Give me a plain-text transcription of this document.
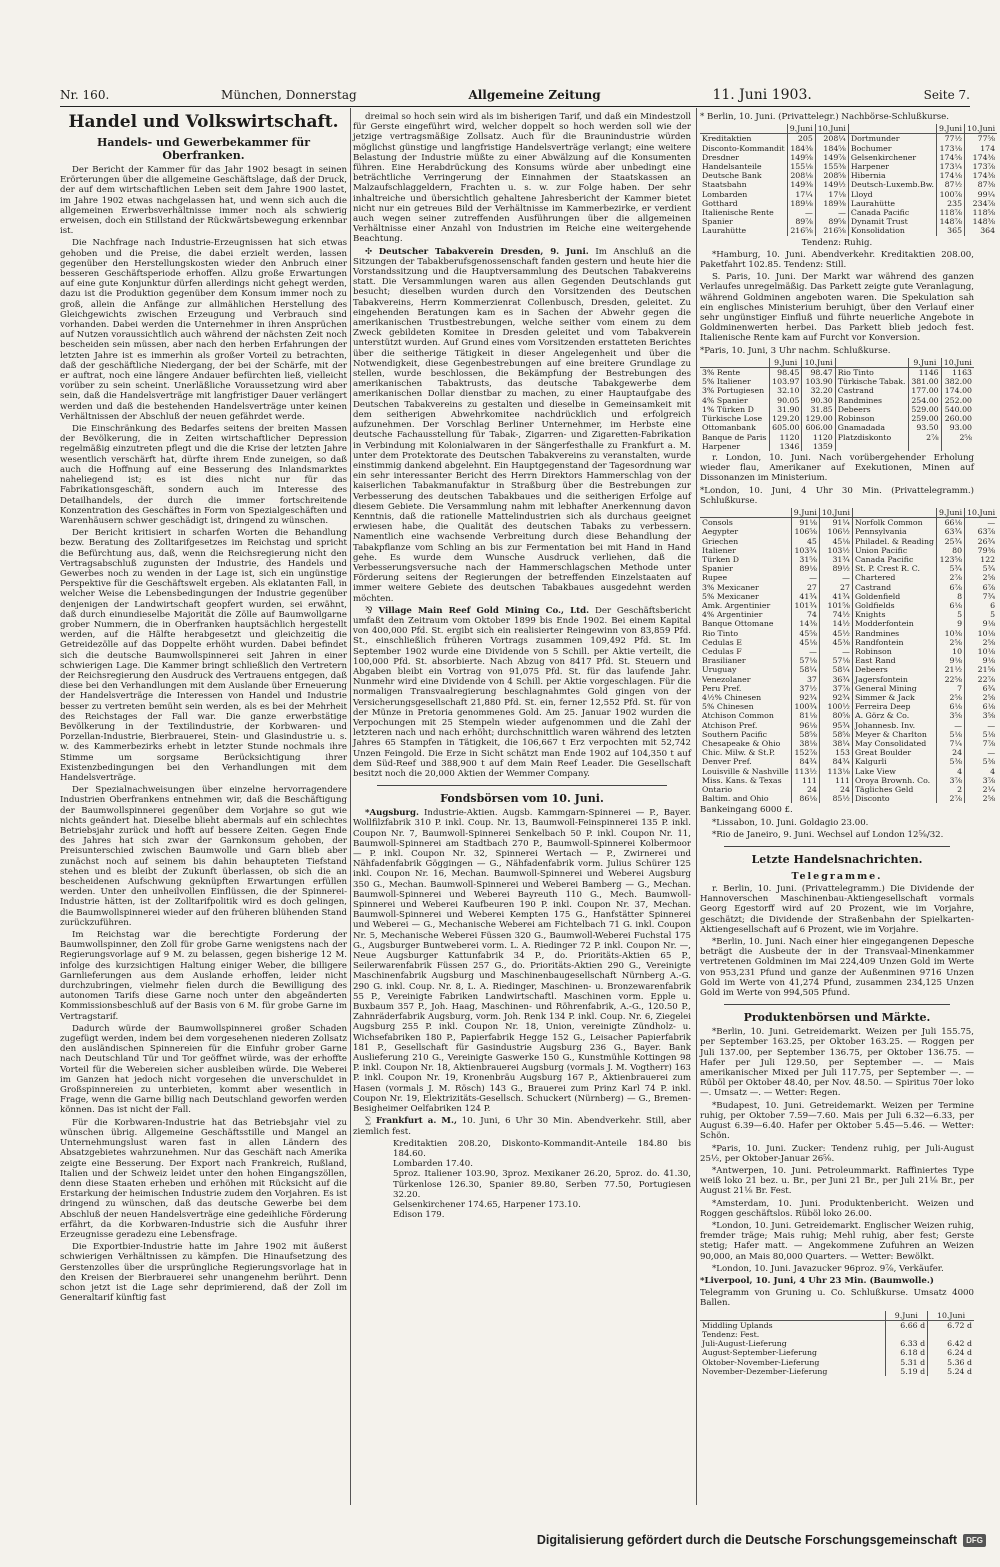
Nr. 160.	München, Donnerstag	Allgemeine Zeitung	11. Juni 1903.	Seite 7.
Handel und Volkswirtschaft.
Handels- und Gewerbekammer für Oberfranken.

Der Bericht der Kammer für das Jahr 1902 besagt in seinen Erörterungen über die allgemeine Geschäftslage, daß der Druck, der auf dem wirtschaftlichen Leben seit dem Jahre 1900 lastet, im Jahre 1902 etwas nachgelassen hat, und wenn sich auch die allgemeinen Erwerbsverhältnisse immer noch als schwierig erweisen, doch ein Stillstand der Rückwärtsbewegung erkennbar ist.

Die Nachfrage nach Industrie-Erzeugnissen hat sich etwas gehoben und die Preise, die dabei erzielt werden, lassen gegenüber den Herstellungskosten wieder den Anbruch einer besseren Geschäftsperiode erhoffen. Allzu große Erwartungen auf eine gute Konjunktur dürfen allerdings nicht gehegt werden, dazu ist die Produktion gegenüber dem Konsum immer noch zu groß, allein die Anfänge zur allmählichen Herstellung des Gleichgewichts zwischen Erzeugung und Verbrauch sind vorhanden. Dabei werden die Unternehmer in ihren Ansprüchen auf Nutzen voraussichtlich auch während der nächsten Zeit noch bescheiden sein müssen, aber nach den herben Erfahrungen der letzten Jahre ist es immerhin als großer Vorteil zu betrachten, daß der geschäftliche Niedergang, der bei der Schärfe, mit der er auftrat, noch eine längere Andauer befürchten ließ, vielleicht vorüber zu sein scheint. Unerläßliche Voraussetzung wird aber sein, daß die Handelsverträge mit langfristiger Dauer verlängert werden und daß die bestehenden Handelsverträge unter keinen Verhältnissen der Abschluß der neuen gefährdet werde.

Die Einschränkung des Bedarfes seitens der breiten Massen der Bevölkerung, die in Zeiten wirtschaftlicher Depression regelmäßig einzutreten pflegt und die die Krise der letzten Jahre wesentlich verschärft hat, dürfte ihrem Ende zuneigen, so daß auch die Hoffnung auf eine Besserung des Inlandsmarktes naheliegend ist; es ist dies nicht nur für das Fabrikationsgeschäft, sondern auch im Interesse des Detailhandels, der durch die immer fortschreitende Konzentration des Geschäftes in Form von Spezialgeschäften und Warenhäusern schwer geschädigt ist, dringend zu wünschen.

Der Bericht kritisiert in scharfen Worten die Behandlung bezw. Beratung des Zolltarifgesetzes im Reichstag und spricht die Befürchtung aus, daß, wenn die Reichsregierung nicht den Vertragsabschluß zugunsten der Industrie, des Handels und Gewerbes noch zu wenden in der Lage ist, sich ein ungünstige Perspektive für die Geschäftswelt ergeben. Als eklatanten Fall, in welcher Weise die Lebensbedingungen der Industrie gegenüber denjenigen der Landwirtschaft geopfert wurden, sei erwähnt, daß durch einundieselbe Majorität die Zölle auf Baumwollgarne grober Nummern, die in Oberfranken hauptsächlich hergestellt werden, auf die Hälfte herabgesetzt und gleichzeitig die Getreidezölle auf das Doppelte erhöht wurden. Dabei befindet sich die deutsche Baumwollspinnerei seit Jahren in einer schwierigen Lage. Die Kammer bringt schließlich den Vertretern der Reichsregierung den Ausdruck des Vertrauens entgegen, daß diese bei den Verhandlungen mit dem Auslande über Erneuerung der Handelsverträge die Interessen von Handel und Industrie besser zu vertreten bemüht sein werden, als es bei der Mehrheit des Reichstages der Fall war. Die ganze erwerbstätige Bevölkerung in der Textilindustrie, der Korbwaren- und Porzellan-Industrie, Bierbrauerei, Stein- und Glasindustrie u. s. w. des Kammerbezirks erhebt in letzter Stunde nochmals ihre Stimme um sorgsame Berücksichtigung ihrer Existenzbedingungen bei den Verhandlungen mit dem Handelsverträge.

Der Spezialnachweisungen über einzelne hervorragendere Industrien Oberfrankens entnehmen wir, daß die Beschäftigung der Baumwollspinnerei gegenüber dem Vorjahre so gut wie nichts geändert hat. Dieselbe blieht abermals auf ein schlechtes Betriebsjahr zurück und hofft auf bessere Zeiten. Gegen Ende des Jahres hat sich zwar der Garnkonsum gehoben, der Preisunterschied zwischen Baumwolle und Garn blieb aber zunächst noch auf seinem bis dahin behaupteten Tiefstand stehen und es bleibt der Zukunft überlassen, ob sich die an bescheidenen Aufschwung geknüpften Erwartungen erfüllen werden. Unter den unheilvollen Einflüssen, die der Spinnerei-Industrie hätten, ist der Zolltarifpolitik wird es doch gelingen, die Baumwollspinnerei wieder auf den früheren blühenden Stand zurückzuführen.

Im Reichstag war die berechtigte Forderung der Baumwollspinner, den Zoll für grobe Garne wenigstens nach der Regierungsvorlage auf 9 M. zu belassen, gegen bisherige 12 M. infolge des kurzsichtigen Haltung einiger Weber, die billigere Garnlieferungen aus dem Auslande erhoffen, leider nicht durchzubringen, vielmehr fielen durch die Bewilligung des autonomen Tarifs diese Garne noch unter den abgeänderten Kommissionsbeschluß auf der Basis von 6 M. für grobe Garne im Vertragstarif.

Dadurch würde der Baumwollspinnerei großer Schaden zugefügt werden, indem bei dem vorgesehenen niederen Zollsatz den ausländischen Spinnereien für die Einfuhr grober Garne nach Deutschland Tür und Tor geöffnet würde, was der erhoffte Vorteil für die Webereien sicher ausbleiben würde. Die Weberei im Ganzen hat jedoch nicht vorgesehen die unverschuldet in Großspinnereien zu unterbieten, kommt aber wesentlich in Frage, wenn die Garne billig nach Deutschland geworfen werden können. Das ist nicht der Fall.

Für die Korbwaren-Industrie hat das Betriebsjahr viel zu wünschen übrig. Allgemeine Geschäftsstille und Mangel an Unternehmungslust waren fast in allen Ländern des Absatzgebietes wahrzunehmen. Nur das Geschäft nach Amerika zeigte eine Besserung. Der Export nach Frankreich, Rußland, Italien und der Schweiz leidet unter den hohen Eingangszöllen, denn diese Staaten erheben und erhöhen mit Rücksicht auf die Erstarkung der heimischen Industrie zudem den Vorjahren. Es ist dringend zu wünschen, daß das deutsche Gewerbe bei dem Abschluß der neuen Handelsverträge eine gedeihliche Förderung erfährt, da die Korbwaren-Industrie sich die Ausfuhr ihrer Erzeugnisse geradezu eine Lebensfrage.

Die Exportbier-Industrie hatte im Jahre 1902 mit äußerst schwierigen Verhältnissen zu kämpfen. Die Hinaufsetzung des Gerstenzolles über die ursprüngliche Regierungsvorlage hat in den Kreisen der Bierbrauerei sehr unangenehm berührt. Denn schon jetzt ist die Lage sehr deprimierend, daß der Zoll im Generaltarif künftig fast

dreimal so hoch sein wird als im bisherigen Tarif, und daß ein Mindestzoll für Gerste eingeführt wird, welcher doppelt so hoch werden soll wie der jetzige vertragsmäßige Zollsatz. Auch für die Braunindustrie würden möglichst günstige und langfristige Handelsverträge verlangt; eine weitere Belastung der Industrie müßte zu einer Abwälzung auf die Konsumenten führen. Eine Herabdrückung des Konsums würde aber unbedingt eine beträchtliche Verringerung der Einnahmen der Staatskassen an Malzaufschlaggeldern, Frachten u. s. w. zur Folge haben. Der sehr inhaltreiche und übersichtlich gehaltene Jahresbericht der Kammer bietet nicht nur ein getreues Bild der Verhältnisse im Kammerbezirke, er verdient auch wegen seiner zutreffenden Ausführungen über die allgemeinen Verhältnisse einer Anzahl von Industrien im Reiche eine weitergehende Beachtung.

✣ Deutscher Tabakverein Dresden, 9. Juni. Im Anschluß an die Sitzungen der Tabakberufsgenossenschaft fanden gestern und heute hier die Vorstandssitzung und die Hauptversammlung des Deutschen Tabakvereins statt. Die Versammlungen waren aus allen Gegenden Deutschlands gut besucht; dieselben wurden durch den Vorsitzenden des Deutschen Tabakvereins, Herrn Kommerzienrat Collenbusch, Dresden, geleitet. Zu eingehenden Beratungen kam es in Sachen der Abwehr gegen die amerikanischen Trustbestrebungen, welche seither vom einem zu dem Zweck gebildeten Komitee in Dresden geleitet und vom Tabakverein unterstützt wurden. Auf Grund eines vom Vorsitzenden erstatteten Berichtes über die seitherige Tätigkeit in dieser Angelegenheit und über die Notwendigkeit, diese Gegenbestrebungen auf eine breitere Grundlage zu stellen, wurde beschlossen, die Bekämpfung der Bestrebungen des amerikanischen Tabaktrusts, das deutsche Tabakgewerbe dem amerikanischen Dollar dienstbar zu machen, zu einer Hauptaufgabe des Deutschen Tabakvereins zu gestalten und dieselbe in Gemeinsamkeit mit dem seitherigen Abwehrkomitee nachdrücklich und erfolgreich aufzunehmen. Der Vorschlag Berliner Unternehmer, im Herbste eine deutsche Fachausstellung für Tabak-, Zigarren- und Zigaretten-Fabrikation in Verbindung mit Kolonialwaren in der Sängerfesthalle zu Frankfurt a. M. unter dem Protektorate des Deutschen Tabakvereins zu veranstalten, wurde einstimmig dankend abgelehnt. Ein Hauptgegenstand der Tagesordnung war ein sehr interessanter Bericht des Herrn Direktors Hammerschlag von der kaiserlichen Tabakmanufaktur in Straßburg über die Bestrebungen zur Verbesserung des deutschen Tabakbaues und die seitherigen Erfolge auf diesem Gebiete. Die Versammlung nahm mit lebhafter Anerkennung davon Kenntnis, daß die rationelle Mattelindustrien sich als durchaus geeignet erwiesen habe, die Qualität des deutschen Tabaks zu verbessern. Namentlich eine wachsende Verbreitung durch diese Behandlung der Tabakpflanze vom Schling an bis zur Fermentation bei mit Hand in Hand gehe. Es wurde dem Wunsche Ausdruck verliehen, daß die Verbesserungsversuche nach der Hammerschlagschen Methode unter Förderung seitens der Regierungen der betreffenden Einzelstaaten auf immer weitere Gebiete des deutschen Tabakbaues ausgedehnt werden möchten.

⅋ Village Main Reef Gold Mining Co., Ltd. Der Geschäftsbericht umfaßt den Zeitraum vom Oktober 1899 bis Ende 1902. Bei einem Kapital von 400,000 Pfd. St. ergibt sich ein realisierter Reingewinn von 83,859 Pfd. St., einschließlich früheren Vortrags zusammen 109,492 Pfd. St. Im September 1902 wurde eine Dividende von 5 Schill. per Aktie verteilt, die 100,000 Pfd. St. absorbierte. Nach Abzug von 8417 Pfd. St. Steuern und Abgaben bleibt ein Vortrag von 91,075 Pfd. St. für das laufende Jahr. Nunmehr wird eine Dividende von 4 Schill. per Aktie vorgeschlagen. Für die normaligen Transvaalregierung beschlagnahmtes Gold gingen von der Versicherungsgesellschaft 21,880 Pfd. St. ein, ferner 12,552 Pfd. St. für von der Münze in Pretoria genommenes Gold. Am 25. Januar 1902 wurden die Verpochungen mit 25 Stempeln wieder aufgenommen und die Zahl der letzteren nach und nach erhöht; durchschnittlich waren während des letzten Jahres 65 Stampfen in Tätigkeit, die 106,667 t Erz verpochten mit 52,742 Unzen Feingold. Die Erze in Sicht schätzt man Ende 1902 auf 104,350 t auf dem Süd-Reef und 388,900 t auf dem Main Reef Leader. Die Gesellschaft besitzt noch die 20,000 Aktien der Wemmer Company.

Fondsbörsen vom 10. Juni.

*Augsburg. Industrie-Aktien. Augsb. Kammgarn-Spinnerei — P., Bayer. Wollfilzfabrik 310 P. inkl. Coup. Nr. 13, Baumwoll-Feinspinnerei 135 P. inkl. Coupon Nr. 7, Baumwoll-Spinnerei Senkelbach 50 P. inkl. Coupon Nr. 11, Baumwoll-Spinnerei am Stadtbach 270 P., Baumwoll-Spinnerei Kolbermoor — P. inkl. Coupon Nr. 32, Spinnerei Wertach — P., Zwirnerei und Nähfadenfabrik Göggingen — G., Nähfadenfabrik vorm. Julius Schürer 125 inkl. Coupon Nr. 16, Mechan. Baumwoll-Spinnerei und Weberei Augsburg 350 G., Mechan. Baumwoll-Spinnerei und Weberei Bamberg — G., Mechan. Baumwoll-Spinnerei und Weberei Bayreuth 110 G., Mech. Baumwoll-Spinnerei und Weberei Kaufbeuren 190 P. inkl. Coupon Nr. 37, Mechan. Baumwoll-Spinnerei und Weberei Kempten 175 G., Hanfstätter Spinnerei und Weberei — G., Mechanische Weberei am Fichtelbach 71 G. inkl. Coupon Nr. 5, Mechanische Weberei Füssen 320 G., Baumwoll-Weberei Fuchstal 175 G., Augsburger Buntweberei vorm. L. A. Riedinger 72 P. inkl. Coupon Nr. —, Neue Augsburger Kattunfabrik 34 P., do. Prioritäts-Aktien 65 P., Seilerwarenfabrik Füssen 257 G., do. Prioritäts-Aktien 290 G., Vereinigte Maschinenfabrik Augsburg und Maschinenbaugesellschaft Nürnberg A.-G. 290 G. inkl. Coup. Nr. 8, L. A. Riedinger, Maschinen- u. Bronzewarenfabrik 55 P., Vereinigte Fabriken Landwirtschaftl. Maschinen vorm. Epple u. Buxbaum 357 P., Joh. Haag, Maschinen- und Röhrenfabrik, A.-G., 120.50 P., Zahnräderfabrik Augsburg, vorm. Joh. Renk 134 P. inkl. Coup. Nr. 6, Ziegelei Augsburg 255 P. inkl. Coupon Nr. 18, Union, vereinigte Zündholz- u. Wichsefabriken 180 P., Papierfabrik Hegge 152 G., Leisacher Papierfabrik 181 P., Gesellschaft für Gasindustrie Augsburg 236 G., Bayer. Bank Auslieferung 210 G., Vereinigte Gaswerke 150 G., Kunstmühle Kottingen 98 P. inkl. Coupon Nr. 18, Aktienbrauerei Augsburg (vormals J. M. Vogtherr) 163 P. inkl. Coupon Nr. 19, Kronenbräu Augsburg 167 P., Aktienbrauerei zum Hasen (vormals J. M. Rösch) 143 G., Brauerei zum Prinz Karl 74 P. inkl. Coupon Nr. 19, Elektrizitäts-Gesellsch. Schuckert (Nürnberg) — G., Bremen-Besigheimer Oelfabriken 124 P.

∑ Frankfurt a. M., 10. Juni, 6 Uhr 30 Min. Abendverkehr. Still, aber ziemlich fest.

Kreditaktien 208.20, Diskonto-Kommandit-Anteile 184.80 bis 184.60.
Lombarden 17.40.
5proz. Italiener 103.90, 3proz. Mexikaner 26.20, 5proz. do. 41.30, Türkenlose 126.30, Spanier 89.80, Serben 77.50, Portugiesen 32.20.
Gelsenkirchener 174.65, Harpener 173.10.
Edison 179.

* Berlin, 10. Juni. (Privattelegr.) Nachbörse-Schlußkurse.

	9.Juni	10.Juni		9.Juni	10.Juni
Kreditaktien	205	208¼	Dortmunder	77½	77⅝
Disconto-Kommandit	184⅜	184⅝	Bochumer	173⅛	174
Dresdner	149⅝	149⅞	Gelsenkirchener	174⅝	174⅜
Handelsanteile	155⅛	155⅜	Harpener	173¼	173⅞
Deutsche Bank	208⅛	208⅝	Hibernia	174⅛	174⅜
Staatsbahn	149⅜	149½	Deutsch-Luxemb.Bw.	87½	87⅜
Lombarden	17¼	17⅛	Lloyd	100⅞	99¼
Gotthard	189⅛	189⅜	Laurahütte	235	234⅞
Italienische Rente	—	—	Canada Pacific	118⅞	118⅝
Spanier	89⅞	89⅝	Dynamit Trust	148⅞	148⅜
Laurahütte	216⅝	216⅝	Konsolidation	365	364

Tendenz: Ruhig.

*Hamburg, 10. Juni. Abendverkehr. Kreditaktien 208.00, Paketfahrt 102.85. Tendenz: Still.

S. Paris, 10. Juni. Der Markt war während des ganzen Verlaufes unregelmäßig. Das Parkett zeigte gute Veranlagung, während Goldminen angeboten waren. Die Spekulation sah ein englisches Ministerium beruhigt, über den Verlauf einer sehr ungünstiger Einfluß und führte neuerliche Angebote in Goldminenwerten herbei. Das Parkett blieb jedoch fest. Italienische Rente kam auf Furcht vor Konversion.

*Paris, 10. Juni, 3 Uhr nachm. Schlußkurse.

	9.Juni	10.Juni		9.Juni	10.Juni
3% Rente	98.45	98.47	Rio Tinto	1146	1163
5% Italiener	103.97	103.90	Türkische Tabak.	381.00	382.00
3% Portugiesen	32.10	32.20	Castrand	177.00	174.00
4% Spanier	90.05	90.30	Randmines	254.00	252.00
1% Türken D	31.90	31.85	Debeers	529.00	540.00
Türkische Lose	129.20	129.00	Robinson	259.00	260.00
Ottomanbank	605.00	606.00	Gnamadada	93.50	93.00
Banque de Paris	1120	1120	Platzdiskonto	2⅞	2⅝
Harpener	1346	1359			

r. London, 10. Juni. Nach vorübergehender Erholung wieder flau, Amerikaner auf Exekutionen, Minen auf Dissonanzen im Ministerium.

*London, 10. Juni, 4 Uhr 30 Min. (Privattelegramm.) Schlußkurse.

	9.Juni	10.Juni		9.Juni	10.Juni
Consols	91⅛	91¼	Norfolk Common	66⅛	—
Aegypter	106⅝	106½	Pennsylvania	63¾	63⅞
Griechen	45	45⅛	Philadel. & Reading	25¾	26¾
Italiener	103¾	103½	Union Pacific	80	79⅜
Türken D	31⅝	31¾	Canada Pacific	123⅝	122
Spanier	89⅛	89½	St. P. Crest R. C.	5¾	5¾
Rupee	—	—	Chartered	2⅞	2⅝
3% Mexicaner	27	27	Castrand	6⅞	6⅞
5% Mexicaner	41¾	41¾	Goldenfield	8	7¾
Amk. Argentinier	101¾	101⅝	Goldfields	6⅛	6
4% Argentinier	74	74½	Knights	5	5
Banque Ottomane	14⅜	14½	Modderfontein	9	9⅛
Rio Tinto	45⅝	45½	Randmines	10⅜	10⅛
Cedulas E	45⅛	45⅜	Randfontein	2⅝	2⅝
Cedulas F	—	—	Robinson	10	10⅛
Brasilianer	57⅛	57⅛	East Rand	9⅛	9⅛
Uruguay	58¼	58¼	Debeers	21½	21⅝
Venezolaner	37	36¾	Jagersfontein	22⅝	22⅞
Peru Pref.	37½	37⅞	General Mining	7	6¾
4½% Chinesen	92¾	92¾	Simmer & Jack	2⅝	2⅝
5% Chinesen	100¾	100½	Ferreira Deep	6⅛	6⅛
Atchison Common	81⅛	80⅝	A. Görz & Co.	3⅝	3⅝
Atchison Pref.	96⅛	95¾	Johannesb. Inv.	—	—
Southern Pacific	58⅝	58⅝	Meyer & Charlton	5⅛	5⅛
Chesapeake & Ohio	38⅛	38¼	May Consolidated	7¼	7⅞
Chic. Milw. & St.P.	152⅞	153	Great Boulder	24	—
Denver Pref.	84¾	84¾	Kalgurli	5⅜	5⅜
Louisville & Nashville	113½	113⅛	Lake View	4	4
Miss. Kans. & Texas	111	111	Oroya Brownh. Co.	3⅞	3⅞
Ontario	24	24	Tägliches Geld	2	2¼
Baltim. and Ohio	86⅛	85½	Disconto	2⅞	2⅝

Bankeingang 6000 £.

*Lissabon, 10. Juni. Goldagio 23.00.

*Rio de Janeiro, 9. Juni. Wechsel auf London 12⅝/32.

Letzte Handelsnachrichten.
Telegramme.

r. Berlin, 10. Juni. (Privattelegramm.) Die Dividende der Hannoverschen Maschinenbau-Aktiengesellschaft vormals Georg Egestorff wird auf 20 Prozent, wie im Vorjahre, geschätzt; die Dividende der Straßenbahn der Spielkarten-Aktiengesellschaft auf 6 Prozent, wie im Vorjahre.

*Berlin, 10. Juni. Nach einer hier eingegangenen Depesche beträgt die Ausbeute der in der Transvaal-Minenkammer vertretenen Goldminen im Mai 224,409 Unzen Gold im Werte von 953,231 Pfund und ganze der Außenminen 9716 Unzen Gold im Werte von 41,274 Pfund, zusammen 234,125 Unzen Gold im Werte von 994,505 Pfund.

Produktenbörsen und Märkte.

*Berlin, 10. Juni. Getreidemarkt. Weizen per Juli 155.75, per September 163.25, per Oktober 163.25. — Roggen per Juli 137.00, per September 136.75, per Oktober 136.75. — Hafer per Juli 129.50, per September —. — Mais amerikanischer Mixed per Juli 117.75, per September —. — Rüböl per Oktober 48.40, per Nov. 48.50. — Spiritus 70er loko —. Umsatz —. — Wetter: Regen.

*Budapest, 10. Juni. Getreidemarkt. Weizen per Termine ruhig, per Oktober 7.59—7.60. Mais per Juli 6.32—6.33, per August 6.39—6.40. Hafer per Oktober 5.45—5.46. — Wetter: Schön.

*Paris, 10. Juni. Zucker: Tendenz ruhig, per Juli-August 25½, per Oktober-Januar 26⅝.

*Antwerpen, 10. Juni. Petroleummarkt. Raffiniertes Type weiß loko 21 bez. u. Br., per Juni 21 Br., per Juli 21⅛ Br., per August 21⅛ Br. Fest.

*Amsterdam, 10. Juni. Produktenbericht. Weizen und Roggen geschäftslos. Rüböl loko 26.00.

*London, 10. Juni. Getreidemarkt. Englischer Weizen ruhig, fremder träge; Mais ruhig; Mehl ruhig, aber fest; Gerste stetig; Hafer matt. — Angekommene Zufuhren an Weizen 90,000, an Mais 80,000 Quarters. — Wetter: Bewölkt.

*London, 10. Juni. Javazucker 96proz. 9⅞, Verkäufer.

*Liverpool, 10. Juni, 4 Uhr 23 Min. (Baumwolle.)

Telegramm von Gruning u. Co. Schlußkurse. Umsatz 4000 Ballen.

	9.Juni	10.Juni
Middling Uplands	6.66 d	6.72 d
Tendenz: Fest.		
Juli-August-Lieferung	6.33 d	6.42 d
August-September-Lieferung	6.18 d	6.24 d
Oktober-November-Lieferung	5.31 d	5.36 d
November-Dezember-Lieferung	5.19 d	5.24 d
Digitalisierung gefördert durch die Deutsche Forschungsgemeinschaft	DFG
